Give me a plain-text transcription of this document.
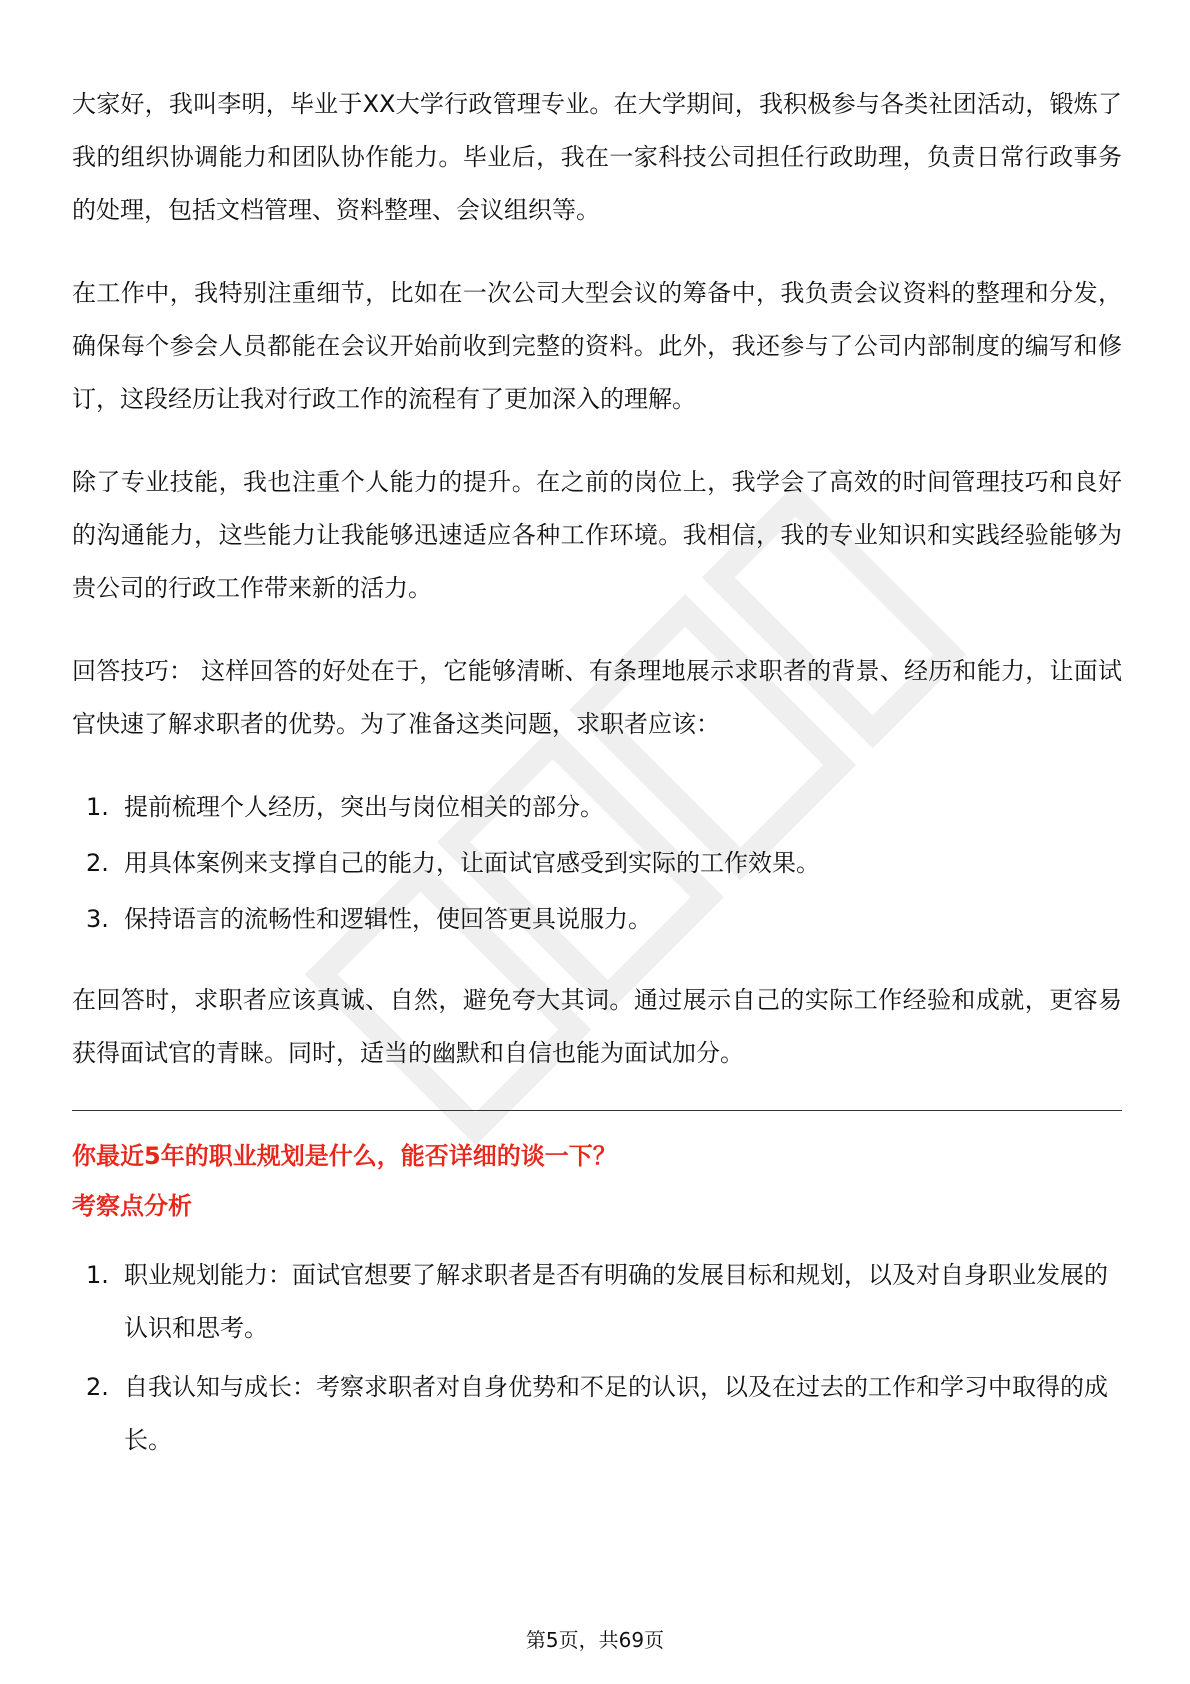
大家好，我叫李明，毕业于XX大学行政管理专业。在大学期间，我积极参与各类社团活动，锻炼了我的组织协调能力和团队协作能力。毕业后，我在一家科技公司担任行政助理，负责日常行政事务的处理，包括文档管理、资料整理、会议组织等。

在工作中，我特别注重细节，比如在一次公司大型会议的筹备中，我负责会议资料的整理和分发，确保每个参会人员都能在会议开始前收到完整的资料。此外，我还参与了公司内部制度的编写和修订，这段经历让我对行政工作的流程有了更加深入的理解。

除了专业技能，我也注重个人能力的提升。在之前的岗位上，我学会了高效的时间管理技巧和良好的沟通能力，这些能力让我能够迅速适应各种工作环境。我相信，我的专业知识和实践经验能够为贵公司的行政工作带来新的活力。

回答技巧： 这样回答的好处在于，它能够清晰、有条理地展示求职者的背景、经历和能力，让面试官快速了解求职者的优势。为了准备这类问题，求职者应该：

1. 提前梳理个人经历，突出与岗位相关的部分。
2. 用具体案例来支撑自己的能力，让面试官感受到实际的工作效果。
3. 保持语言的流畅性和逻辑性，使回答更具说服力。

在回答时，求职者应该真诚、自然，避免夸大其词。通过展示自己的实际工作经验和成就，更容易获得面试官的青睐。同时，适当的幽默和自信也能为面试加分。

你最近5年的职业规划是什么，能否详细的谈一下？
考察点分析
1. 职业规划能力：面试官想要了解求职者是否有明确的发展目标和规划，以及对自身职业发展的认识和思考。
2. 自我认知与成长：考察求职者对自身优势和不足的认识，以及在过去的工作和学习中取得的成长。
第5页，共69页
